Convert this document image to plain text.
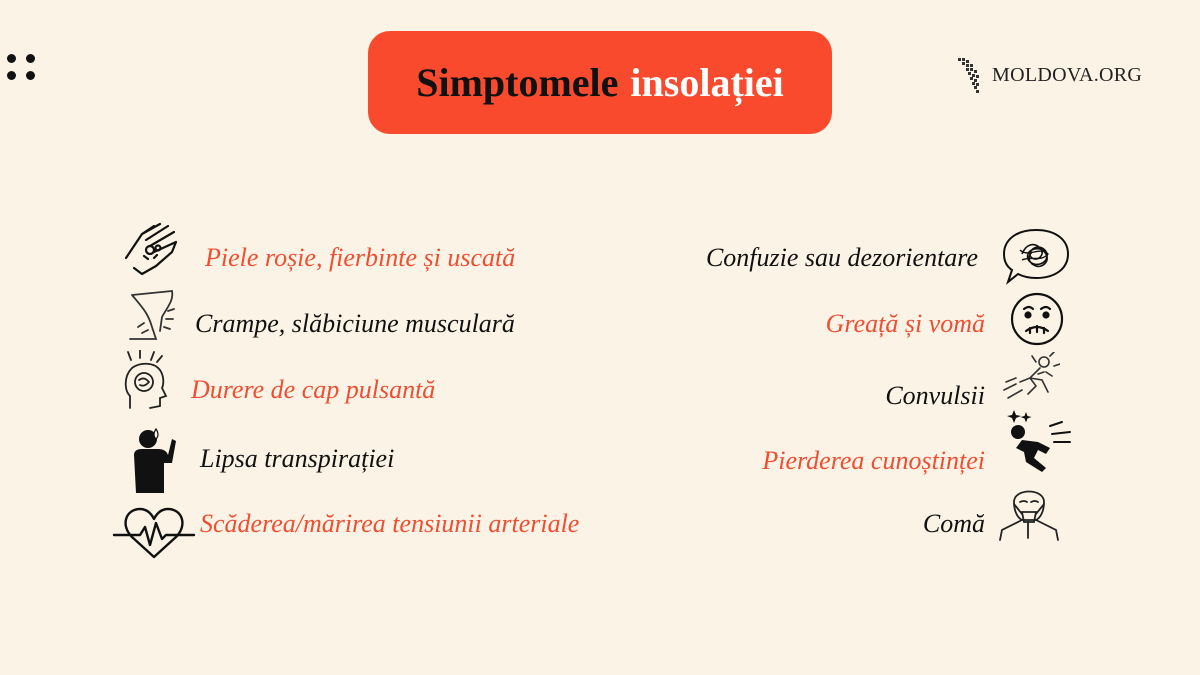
Simptomele insolației	MOLDOVA.ORG
Piele roșie, fierbinte și uscată
Crampe, slăbiciune musculară
Durere de cap pulsantă
Lipsa transpirației
Scăderea/mărirea tensiunii arteriale
Confuzie sau dezorientare
Greață și vomă
Convulsii
Pierderea cunoștinței
Comă
